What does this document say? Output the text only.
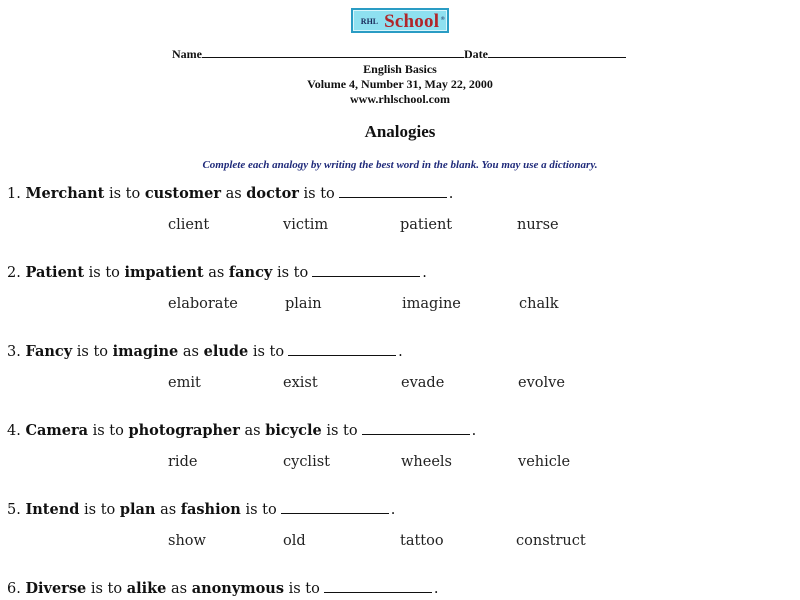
RHL School ®
Name	Date
English Basics
Volume 4, Number 31, May 22, 2000
www.rhlschool.com
Analogies
Complete each analogy by writing the best word in the blank. You may use a dictionary.
1. Merchant is to customer as doctor is to	.
client	victim	patient	nurse
2. Patient is to impatient as fancy is to	.
elaborate	plain	imagine	chalk
3. Fancy is to imagine as elude is to	.
emit	exist	evade	evolve
4. Camera is to photographer as bicycle is to	.
ride	cyclist	wheels	vehicle
5. Intend is to plan as fashion is to	.
show	old	tattoo	construct
6. Diverse is to alike as anonymous is to	.
